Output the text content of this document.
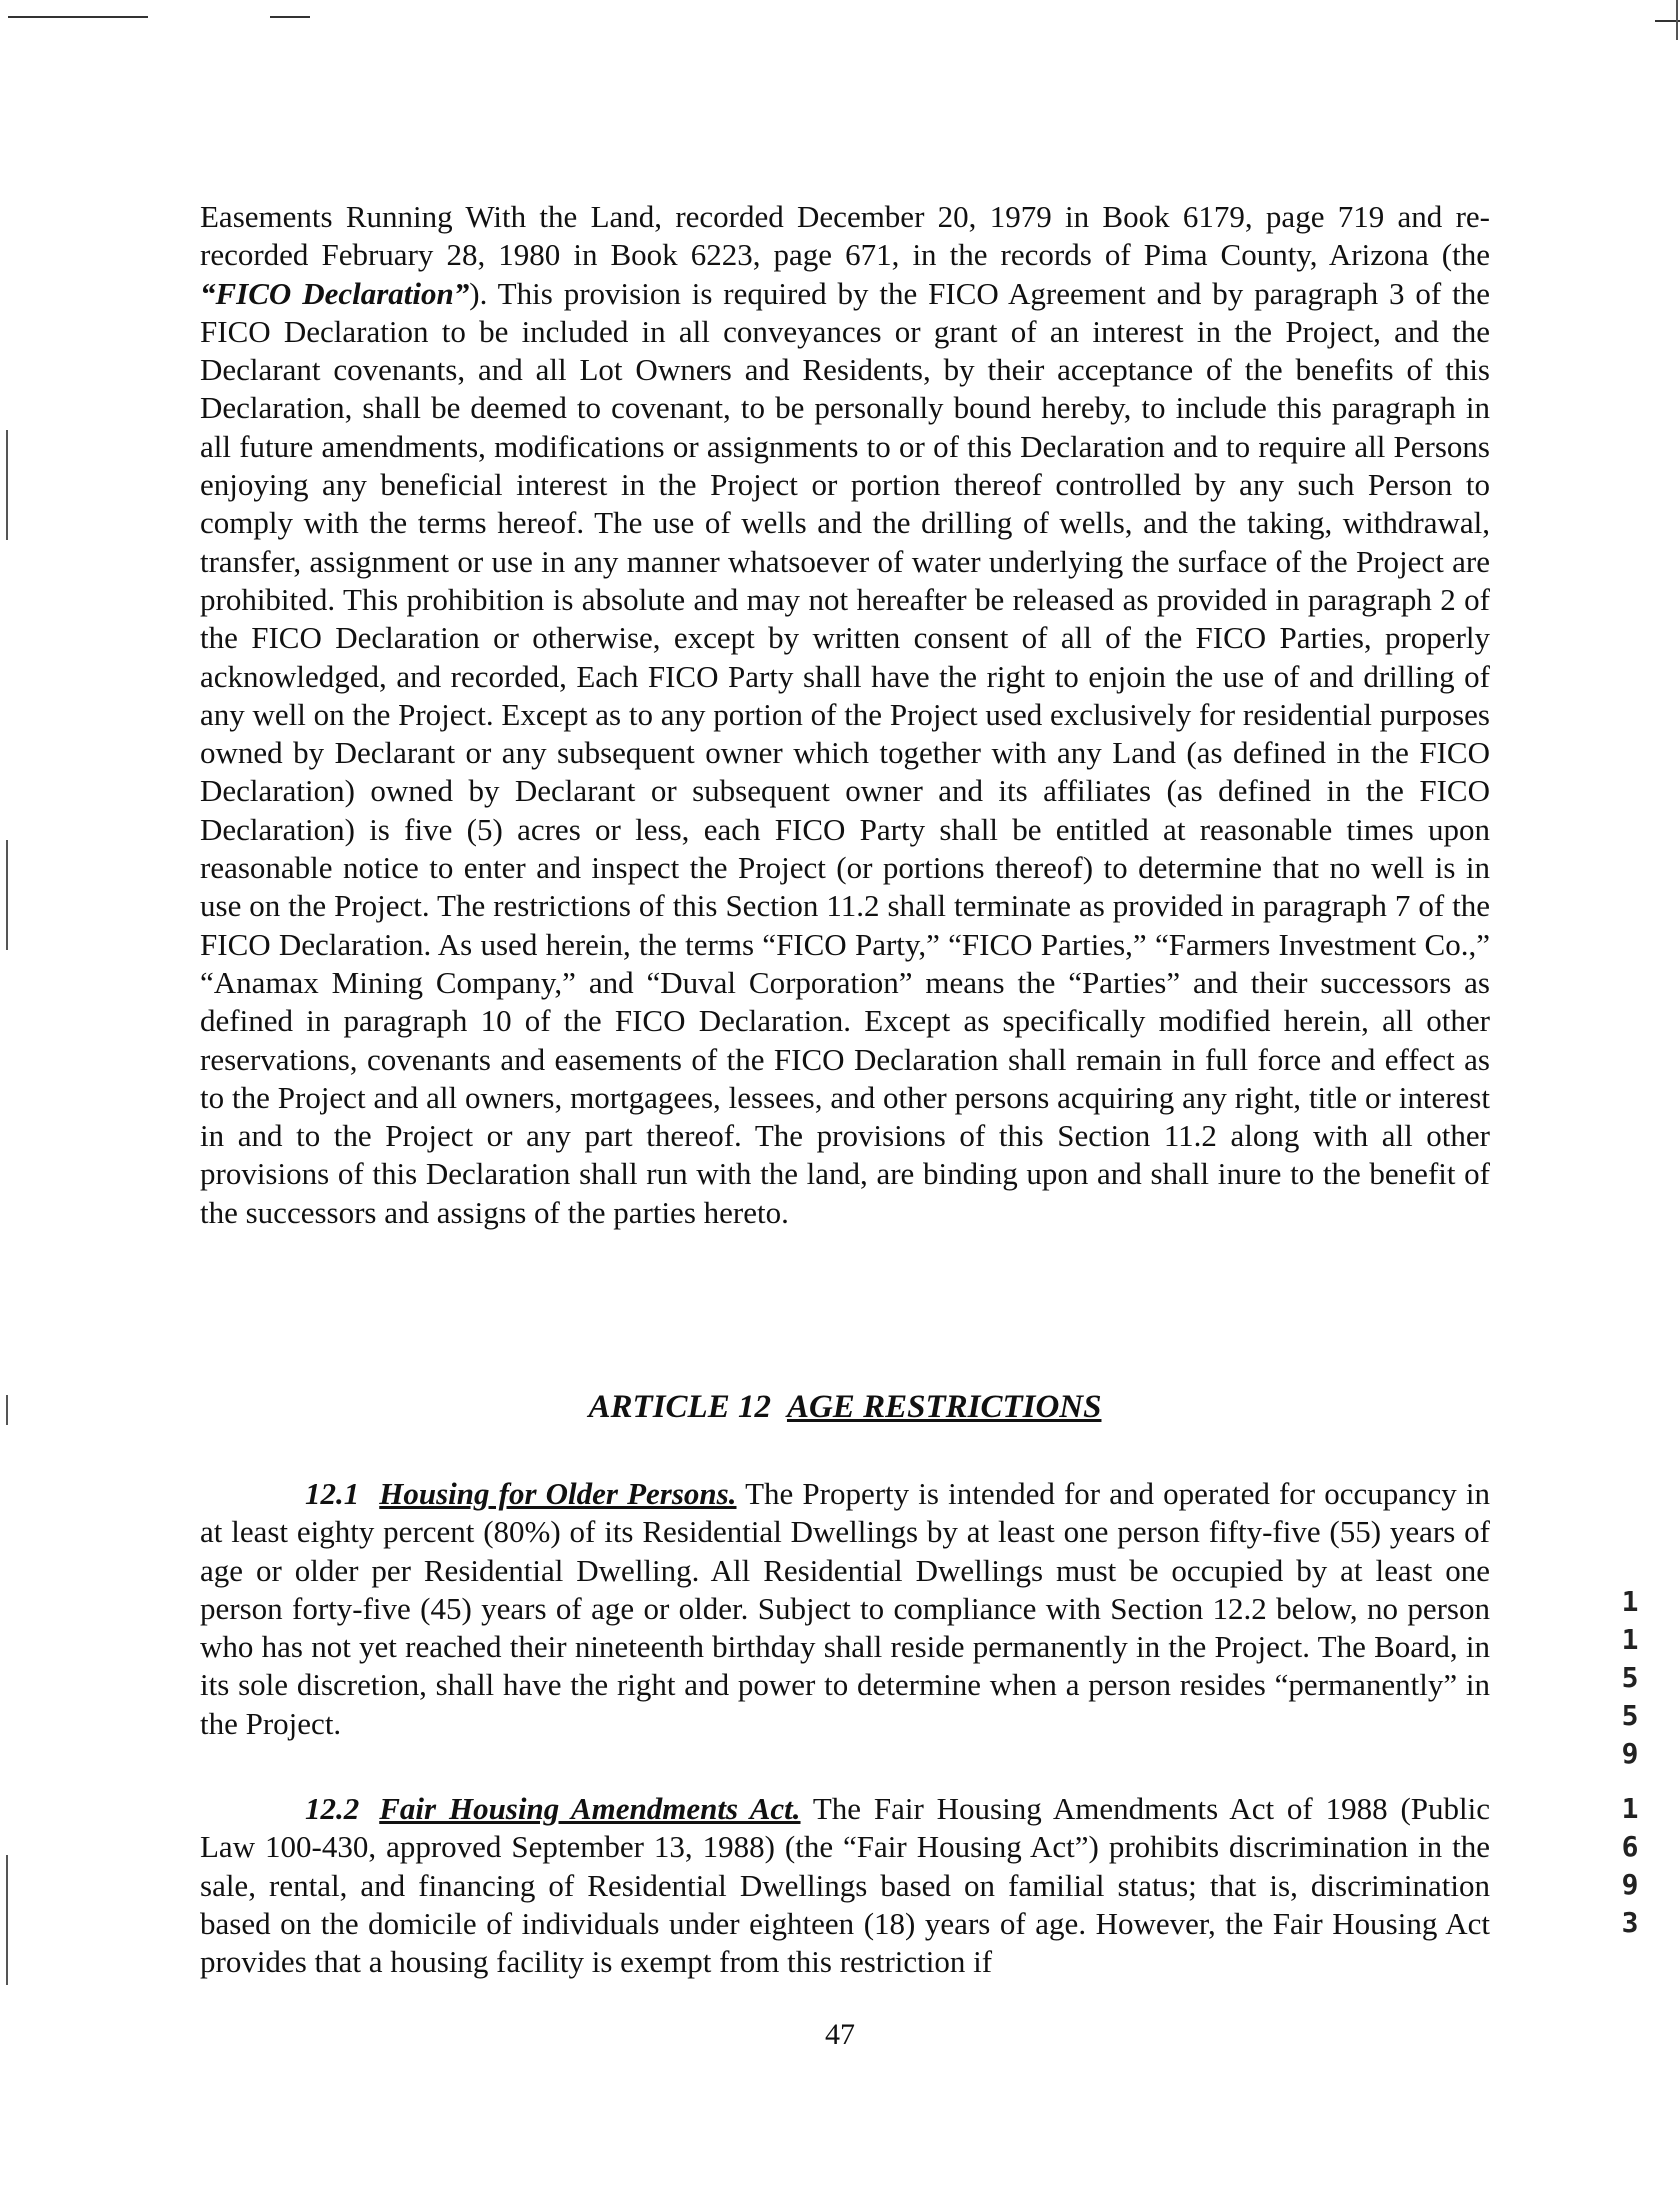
Easements Running With the Land, recorded December 20, 1979 in Book 6179, page 719 and re-recorded February 28, 1980 in Book 6223, page 671, in the records of Pima County, Arizona (the “FICO Declaration”). This provision is required by the FICO Agreement and by paragraph 3 of the FICO Declaration to be included in all conveyances or grant of an interest in the Project, and the Declarant covenants, and all Lot Owners and Residents, by their acceptance of the benefits of this Declaration, shall be deemed to covenant, to be personally bound hereby, to include this paragraph in all future amendments, modifications or assignments to or of this Declaration and to require all Persons enjoying any beneficial interest in the Project or portion thereof controlled by any such Person to comply with the terms hereof. The use of wells and the drilling of wells, and the taking, withdrawal, transfer, assignment or use in any manner whatsoever of water underlying the surface of the Project are prohibited. This prohibition is absolute and may not hereafter be released as provided in paragraph 2 of the FICO Declaration or otherwise, except by written consent of all of the FICO Parties, properly acknowledged, and recorded, Each FICO Party shall have the right to enjoin the use of and drilling of any well on the Project. Except as to any portion of the Project used exclusively for residential purposes owned by Declarant or any subsequent owner which together with any Land (as defined in the FICO Declaration) owned by Declarant or subsequent owner and its affiliates (as defined in the FICO Declaration) is five (5) acres or less, each FICO Party shall be entitled at reasonable times upon reasonable notice to enter and inspect the Project (or portions thereof) to determine that no well is in use on the Project. The restrictions of this Section 11.2 shall terminate as provided in paragraph 7 of the FICO Declaration. As used herein, the terms “FICO Party,” “FICO Parties,” “Farmers Investment Co.,” “Anamax Mining Company,” and “Duval Corporation” means the “Parties” and their successors as defined in paragraph 10 of the FICO Declaration. Except as specifically modified herein, all other reservations, covenants and easements of the FICO Declaration shall remain in full force and effect as to the Project and all owners, mortgagees, lessees, and other persons acquiring any right, title or interest in and to the Project or any part thereof. The provisions of this Section 11.2 along with all other provisions of this Declaration shall run with the land, are binding upon and shall inure to the benefit of the successors and assigns of the parties hereto.

ARTICLE 12 AGE RESTRICTIONS

12.1 Housing for Older Persons. The Property is intended for and operated for occupancy in at least eighty percent (80%) of its Residential Dwellings by at least one person fifty-five (55) years of age or older per Residential Dwelling. All Residential Dwellings must be occupied by at least one person forty-five (45) years of age or older. Subject to compliance with Section 12.2 below, no person who has not yet reached their nineteenth birthday shall reside permanently in the Project. The Board, in its sole discretion, shall have the right and power to determine when a person resides “permanently” in the Project.

12.2 Fair Housing Amendments Act. The Fair Housing Amendments Act of 1988 (Public Law 100-430, approved September 13, 1988) (the “Fair Housing Act”) prohibits discrimination in the sale, rental, and financing of Residential Dwellings based on familial status; that is, discrimination based on the domicile of individuals under eighteen (18) years of age. However, the Fair Housing Act provides that a housing facility is exempt from this restriction if

47
1
1
5
5
9
1
6
9
3
